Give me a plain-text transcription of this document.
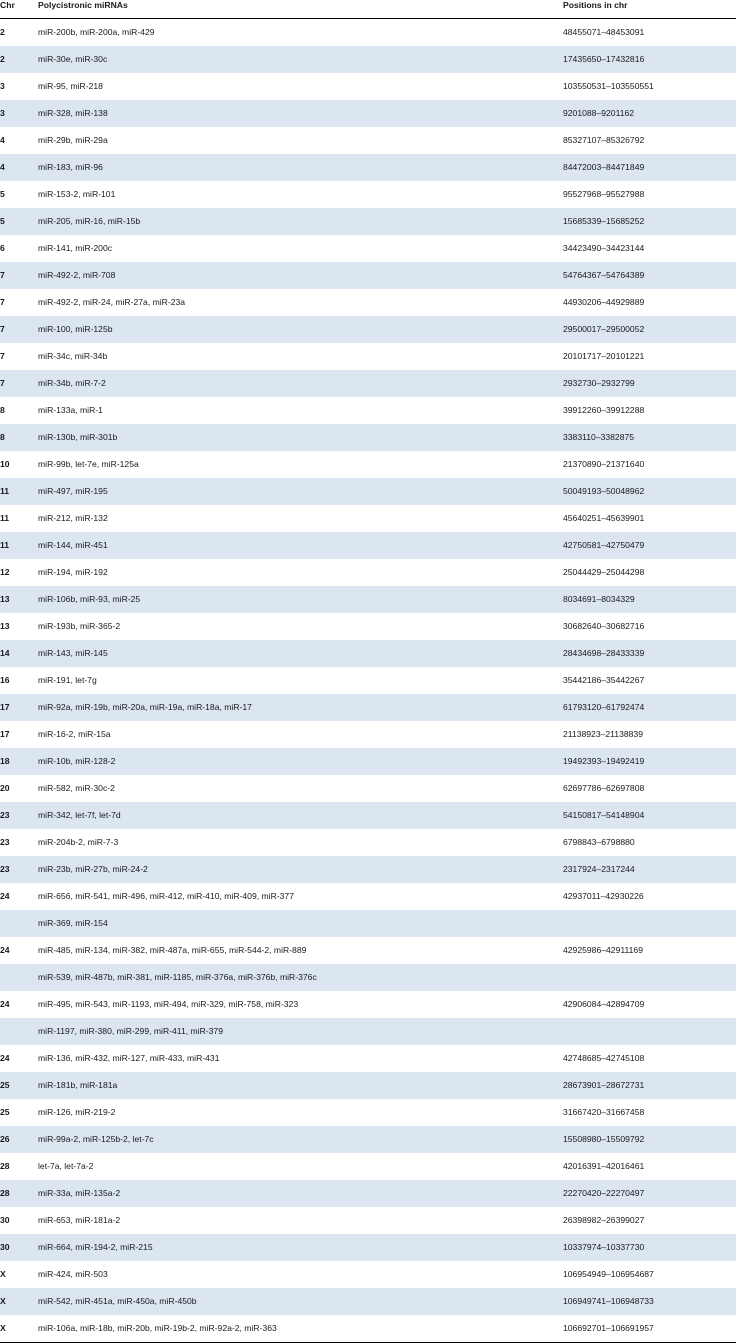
Chr	Polycistronic miRNAs	Positions in chr
2	miR-200b, miR-200a, miR-429	48455071–48453091
2	miR-30e, miR-30c	17435650–17432816
3	miR-95, miR-218	103550531–103550551
3	miR-328, miR-138	9201088–9201162
4	miR-29b, miR-29a	85327107–85326792
4	miR-183, miR-96	84472003–84471849
5	miR-153-2, miR-101	95527968–95527988
5	miR-205, miR-16, miR-15b	15685339–15685252
6	miR-141, miR-200c	34423490–34423144
7	miR-492-2, miR-708	54764367–54764389
7	miR-492-2, miR-24, miR-27a, miR-23a	44930206–44929889
7	miR-100, miR-125b	29500017–29500052
7	miR-34c, miR-34b	20101717–20101221
7	miR-34b, miR-7-2	2932730–2932799
8	miR-133a, miR-1	39912260–39912288
8	miR-130b, miR-301b	3383110–3382875
10	miR-99b, let-7e, miR-125a	21370890–21371640
11	miR-497, miR-195	50049193–50048962
11	miR-212, miR-132	45640251–45639901
11	miR-144, miR-451	42750581–42750479
12	miR-194, miR-192	25044429–25044298
13	miR-106b, miR-93, miR-25	8034691–8034329
13	miR-193b, miR-365-2	30682640–30682716
14	miR-143, miR-145	28434698–28433339
16	miR-191, let-7g	35442186–35442267
17	miR-92a, miR-19b, miR-20a, miR-19a, miR-18a, miR-17	61793120–61792474
17	miR-16-2, miR-15a	21138923–21138839
18	miR-10b, miR-128-2	19492393–19492419
20	miR-582, miR-30c-2	62697786–62697808
23	miR-342, let-7f, let-7d	54150817–54148904
23	miR-204b-2, miR-7-3	6798843–6798880
23	miR-23b, miR-27b, miR-24-2	2317924–2317244
24	miR-656, miR-541, miR-496, miR-412, miR-410, miR-409, miR-377	42937011–42930226
	miR-369, miR-154	
24	miR-485, miR-134, miR-382, miR-487a, miR-655, miR-544-2, miR-889	42925986–42911169
	miR-539, miR-487b, miR-381, miR-1185, miR-376a, miR-376b, miR-376c	
24	miR-495, miR-543, miR-1193, miR-494, miR-329, miR-758, miR-323	42906084–42894709
	miR-1197, miR-380, miR-299, miR-411, miR-379	
24	miR-136, miR-432, miR-127, miR-433, miR-431	42748685–42745108
25	miR-181b, miR-181a	28673901–28672731
25	miR-126, miR-219-2	31667420–31667458
26	miR-99a-2, miR-125b-2, let-7c	15508980–15509792
28	let-7a, let-7a-2	42016391–42016461
28	miR-33a, miR-135a-2	22270420–22270497
30	miR-653, miR-181a-2	26398982–26399027
30	miR-664, miR-194-2, miR-215	10337974–10337730
X	miR-424, miR-503	106954949–106954687
X	miR-542, miR-451a, miR-450a, miR-450b	106949741–106948733
X	miR-106a, miR-18b, miR-20b, miR-19b-2, miR-92a-2, miR-363	106692701–106691957
